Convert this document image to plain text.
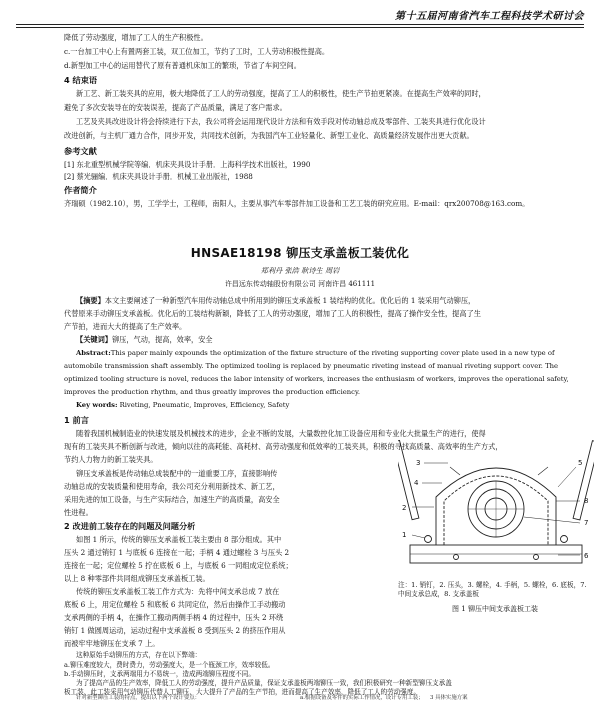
第十五届河南省汽车工程科技学术研讨会
降低了劳动强度，增加了工人的生产积极性。
c.一台加工中心上有置两套工装，双工位加工，节约了工时，工人劳动积极性提高。
d.新型加工中心的运用替代了原有普通机床加工的繁琐，节省了车间空间。
4 结束语
新工艺、新工装夹具的应用，极大地降低了工人的劳动强度，提高了工人的积极性，使生产节拍更紧凑。在提高生产效率的同时，
避免了多次安装导在的安装误差，提高了产品质量，满足了客户需求。
工艺及夹具改进设计将会持续进行下去，我公司将会运用现代设计方法和有效手段对传动轴总成及零部件、工装夹具进行优化设计
改进创新，与主机厂通力合作，同步开发，共同技术创新，为我国汽车工业轻量化、新型工业化、高质量经济发展作出更大贡献。
参考文献
[1] 东北重型机械学院等编．机床夹具设计手册．上海科学技术出版社，1990
[2] 蔡光骊编．机床夹具设计手册．机械工业出版社，1988
作者简介
齐瑞硕（1982.10），男，工学学士，工程师，南阳人，主要从事汽车零部件加工设备和工艺工装的研究应用。E-mail：qrx200708@163.com。
HNSAE18198 铆压支承盖板工装优化
郑利丹 张浩 耿诗生 周岩
许昌远东传动轴股份有限公司 河南许昌 461111
【摘要】本文主要阐述了一种新型汽车用传动轴总成中所用到的铆压支承盖板 1 装结构的优化。优化后的 1 装采用气动铆压，
代替原来手动铆压支承盖板。优化后的工装结构新颖，降低了工人的劳动强度，增加了工人的积极性，提高了操作安全性，提高了生
产节拍，进而大大的提高了生产效率。
【关键词】铆压，气动，提高，效率，安全
Abstract:This paper mainly expounds the optimization of the fixture structure of the riveting supporting cover plate used in a new type of
automobile transmission shaft assembly. The optimized tooling is replaced by pneumatic riveting instead of manual riveting support cover. The
optimized tooling structure is novel, reduces the labor intensity of workers, increases the enthusiasm of workers, improves the operational safety,
improves the production rhythm, and thus greatly improves the production efficiency.
Key words: Riveting, Pneumatic, Improves, Efficiency, Safety
1 前言
随着我国机械制造业的快速发展及机械技术的进步，企业不断的发展，大量数控化加工设备应用和专业化大批量生产的进行，使得
现有的工装夹具不断创新与改进，倾向以往的高耗能、高耗材、高劳动强度和低效率的工装夹具，积极的寻找高质量、高效率的生产方式，
节约人力物力的新工装夹具。
铆压支承盖板是传动轴总成装配中的一道重要工序，直接影响传
动轴总成的安装质量和使用寿命，我公司充分利用新技术、新工艺，
采用先进的加工设备，与生产实际结合，加速生产的高质量，高安全
性进程。
2 改进前工装存在的问题及问题分析
如图 1 所示，传统的铆压支承盖板工装主要由 8 部分组成。其中
压头 2 通过销钉 1 与底板 6 连接在一起；手柄 4 通过螺栓 3 与压头 2
连接在一起；定位螺栓 5 拧在底板 6 上，与底板 6 一同组成定位系统；
以上 8 种零部件共同组成铆压支承盖板工装。
传统的铆压支承盖板工装工作方式为：先将中间支承总成 7 放在
底板 6 上，用定位螺栓 5 和底板 6 共同定位，然后由操作工手动搬动
支承两侧的手柄 4，在操作工搬动两侧手柄 4 的过程中，压头 2 环绕
销钉 1 做圆周运动，运动过程中支承盖板 8 受到压头 2 的挤压作用从
而被牢牢地铆压在支承 7 上。
这种原始手动铆压的方式，存在以下弊端：
a.铆压难度较大，费时费力，劳动强度大，是一个瓶颈工序，效率较低。
b.手动铆压时，支承两端用力不易统一，造成两端铆压程度不同。
为了提高产品的生产效率，降低工人的劳动强度，提升产品质量，保证支承盖板两端铆压一致，我们积极研究一种新型铆压支承盖
板工装，此工装采用气动铆压代替人工铆压，大大提升了产品的生产节拍，进而提高了生产效率，降低了工人的劳动强度。
针对新型铆压工装的特点，提出以下两个设计要点：	a.根据设备及零件的实际工作情况，设计专用工装； 3 具体实施方案
1
2
3
4
5
6
7
8
注：1. 销钉，2. 压头，3. 螺栓，4. 手柄，5. 螺栓，6. 底板，7. 中间支承总成，8. 支承盖板
图 1 铆压中间支承盖板工装
